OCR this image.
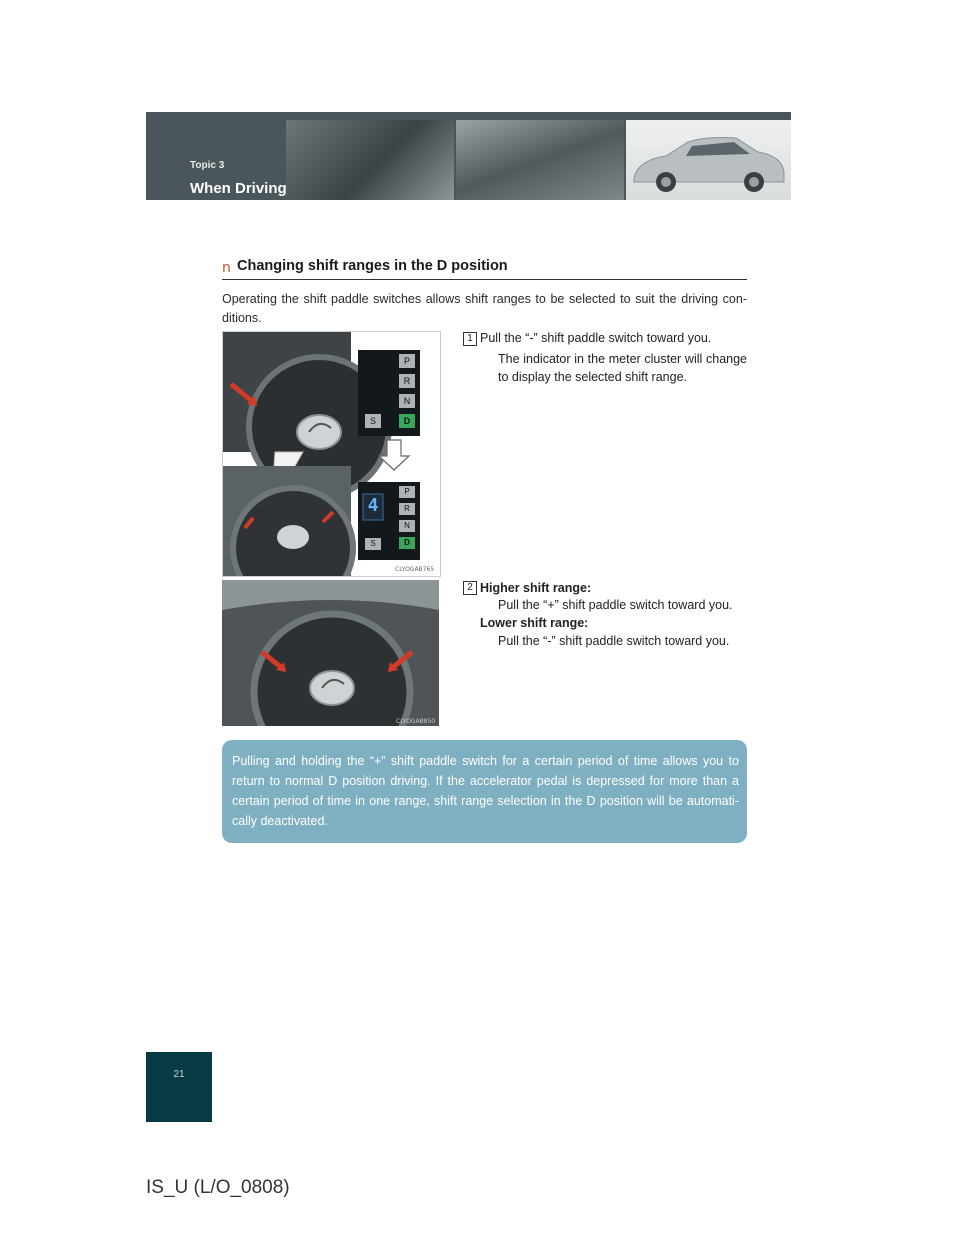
Topic 3
When Driving
n Changing shift ranges in the D position
Operating the shift paddle switches allows shift ranges to be selected to suit the driving con-ditions.
P
R
N
D
S
P
R
N
D
S
4
CLYOGAB765
1 Pull the “-” shift paddle switch toward you.
The indicator in the meter cluster will change to display the selected shift range.
CLYOGAB850
2 Higher shift range:
Pull the “+” shift paddle switch toward you.
Lower shift range:
Pull the “-” shift paddle switch toward you.
Pulling and holding the “+” shift paddle switch for a certain period of time allows you to return to normal D position driving. If the accelerator pedal is depressed for more than a certain period of time in one range, shift range selection in the D position will be automati-cally deactivated.
21
IS_U (L/O_0808)
